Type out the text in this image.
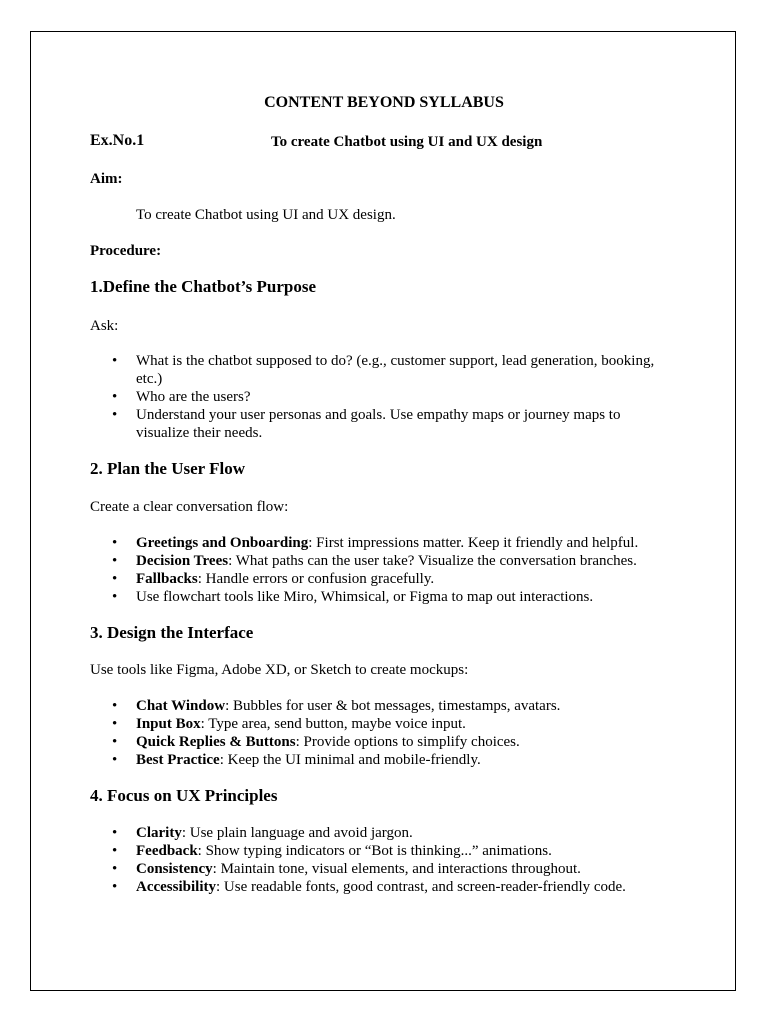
CONTENT BEYOND SYLLABUS
Ex.No.1	To create Chatbot using UI and UX design
Aim:
To create Chatbot using UI and UX design.
Procedure:
1.Define the Chatbot’s Purpose
Ask:
• What is the chatbot supposed to do? (e.g., customer support, lead generation, booking, etc.)
• Who are the users?
• Understand your user personas and goals. Use empathy maps or journey maps to visualize their needs.
2. Plan the User Flow
Create a clear conversation flow:
• Greetings and Onboarding: First impressions matter. Keep it friendly and helpful.
• Decision Trees: What paths can the user take? Visualize the conversation branches.
• Fallbacks: Handle errors or confusion gracefully.
• Use flowchart tools like Miro, Whimsical, or Figma to map out interactions.
3. Design the Interface
Use tools like Figma, Adobe XD, or Sketch to create mockups:
• Chat Window: Bubbles for user & bot messages, timestamps, avatars.
• Input Box: Type area, send button, maybe voice input.
• Quick Replies & Buttons: Provide options to simplify choices.
• Best Practice: Keep the UI minimal and mobile-friendly.
4. Focus on UX Principles
• Clarity: Use plain language and avoid jargon.
• Feedback: Show typing indicators or “Bot is thinking...” animations.
• Consistency: Maintain tone, visual elements, and interactions throughout.
• Accessibility: Use readable fonts, good contrast, and screen-reader-friendly code.
